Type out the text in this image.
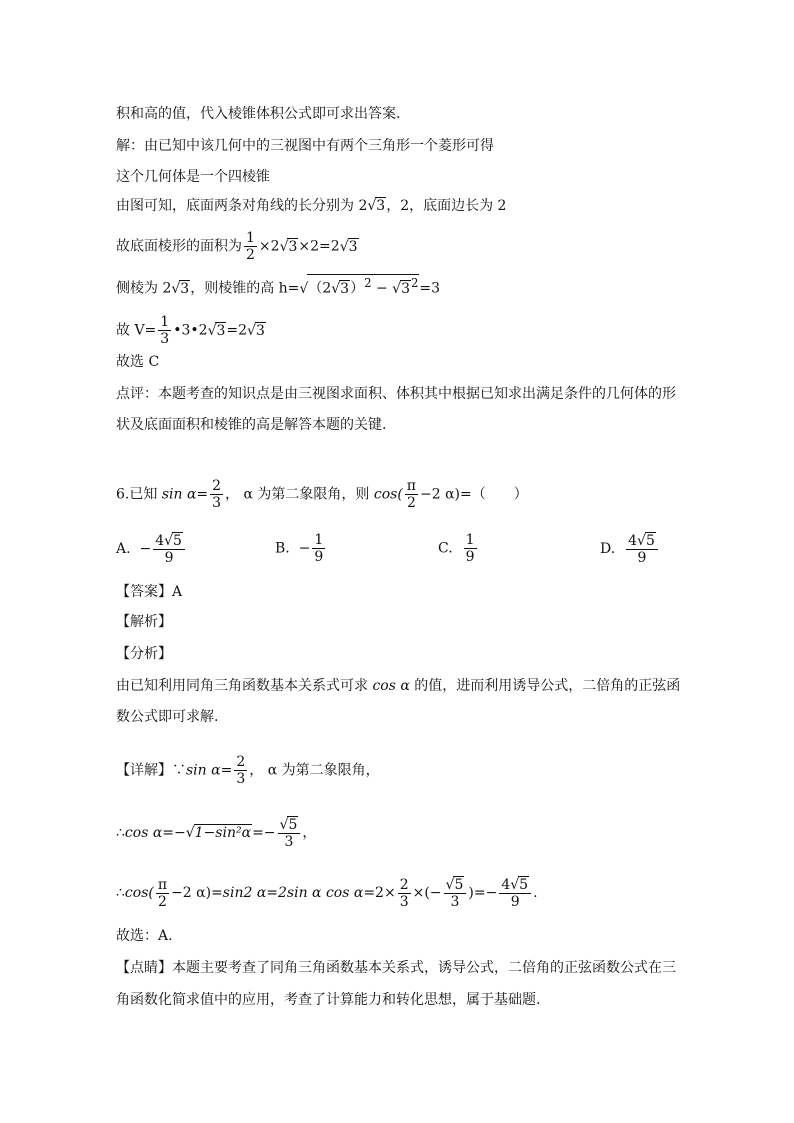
积和高的值，代入棱锥体积公式即可求出答案.
解：由已知中该几何中的三视图中有两个三角形一个菱形可得
这个几何体是一个四棱锥
由图可知，底面两条对角线的长分别为 2√3，2，底面边长为 2
故底面棱形的面积为 $\frac{1}{2} \times 2√3\times 2=2√3$
侧棱为 2√3，则棱锥的高 $h=√(2√3)^2 - √3^2=3$
故 $V= \frac{1}{3}$ •3•2√3=2√3
故选 C
点评：本题考查的知识点是由三视图求面积、体积其中根据已知求出满足条件的几何体的形
状及底面面积和棱锥的高是解答本题的关键.
6.已知 $\sin \alpha= \frac{2}{3}$ ， α 为第二象限角，则 $\cos( \frac{\pi}{2} -2$ α)=（　　）
A. − $\frac{4√5}{9}$	B. − $\frac{1}{9}$	C. $\frac{1}{9}$	D. $\frac{4√5}{9}$
【答案】A
【解析】
【分析】
由已知利用同角三角函数基本关系式可求 cos α 的值，进而利用诱导公式，二倍角的正弦函
数公式即可求解.
【详解】∵sin $\alpha= \frac{2}{3}$ ， α 为第二象限角，
∴cos $\alpha=-√1-\sin^2\alpha=- \frac{√5}{3}$ ，
∴cos( $\frac{\pi}{2} -2$ α)=sin2 α=2sin α $\cos \alpha=2\times \frac{2}{3}$ ×(− $\frac{√5}{3}$ )=− $\frac{4√5}{9}$ .
故选：A.
【点睛】本题主要考查了同角三角函数基本关系式，诱导公式，二倍角的正弦函数公式在三
角函数化简求值中的应用，考查了计算能力和转化思想，属于基础题.
